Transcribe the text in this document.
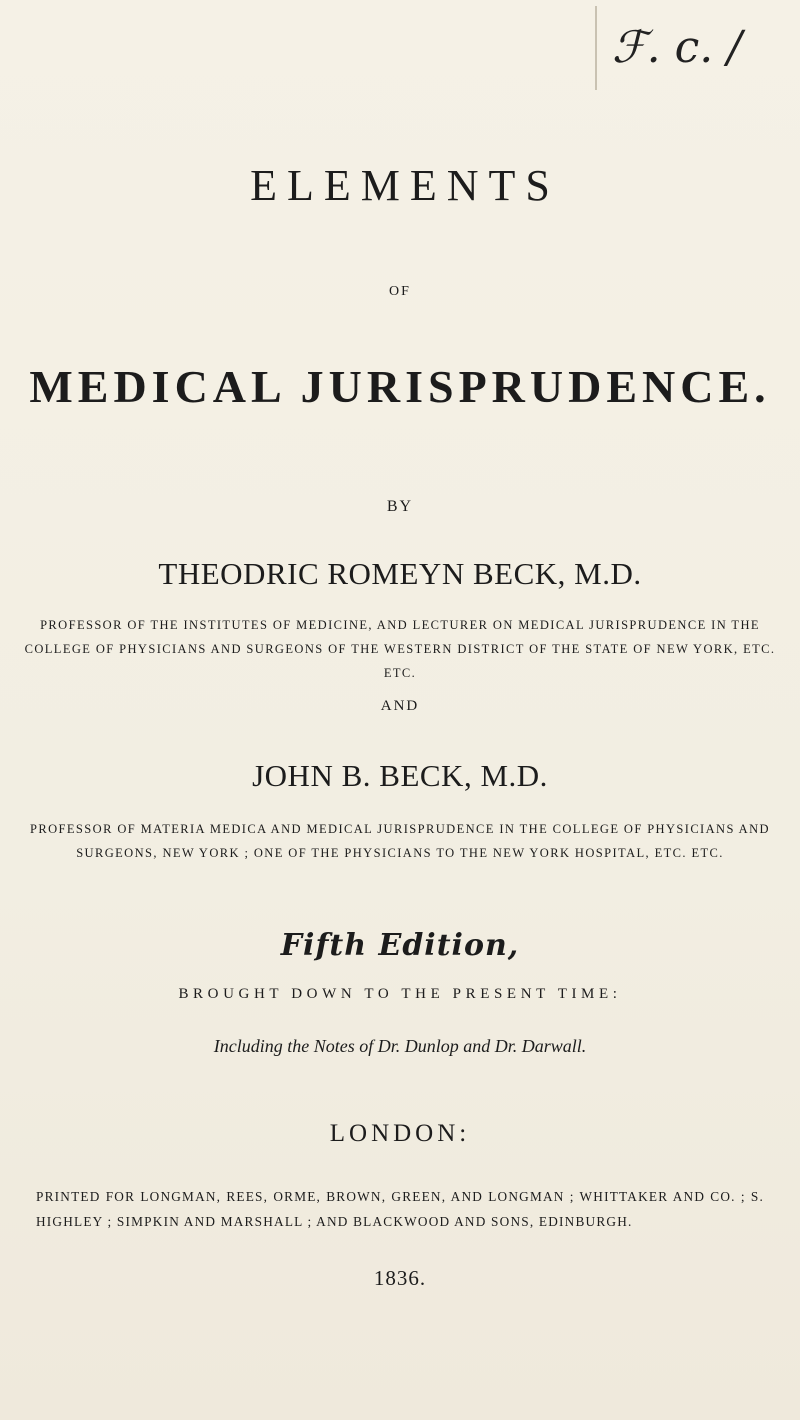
ℱ. c. /
ELEMENTS
OF
MEDICAL JURISPRUDENCE.
BY
THEODRIC ROMEYN BECK, M.D.
PROFESSOR OF THE INSTITUTES OF MEDICINE, AND LECTURER ON MEDICAL JURISPRUDENCE IN THE COLLEGE OF PHYSICIANS AND SURGEONS OF THE WESTERN DISTRICT OF THE STATE OF NEW YORK, ETC. ETC.
AND
JOHN B. BECK, M.D.
PROFESSOR OF MATERIA MEDICA AND MEDICAL JURISPRUDENCE IN THE COLLEGE OF PHYSICIANS AND SURGEONS, NEW YORK ; ONE OF THE PHYSICIANS TO THE NEW YORK HOSPITAL, ETC. ETC.
Fifth Edition,
BROUGHT DOWN TO THE PRESENT TIME:
Including the Notes of Dr. Dunlop and Dr. Darwall.
LONDON:
PRINTED FOR LONGMAN, REES, ORME, BROWN, GREEN, AND LONGMAN ; WHITTAKER AND CO. ; S. HIGHLEY ; SIMPKIN AND MARSHALL ; AND BLACKWOOD AND SONS, EDINBURGH.
1836.
